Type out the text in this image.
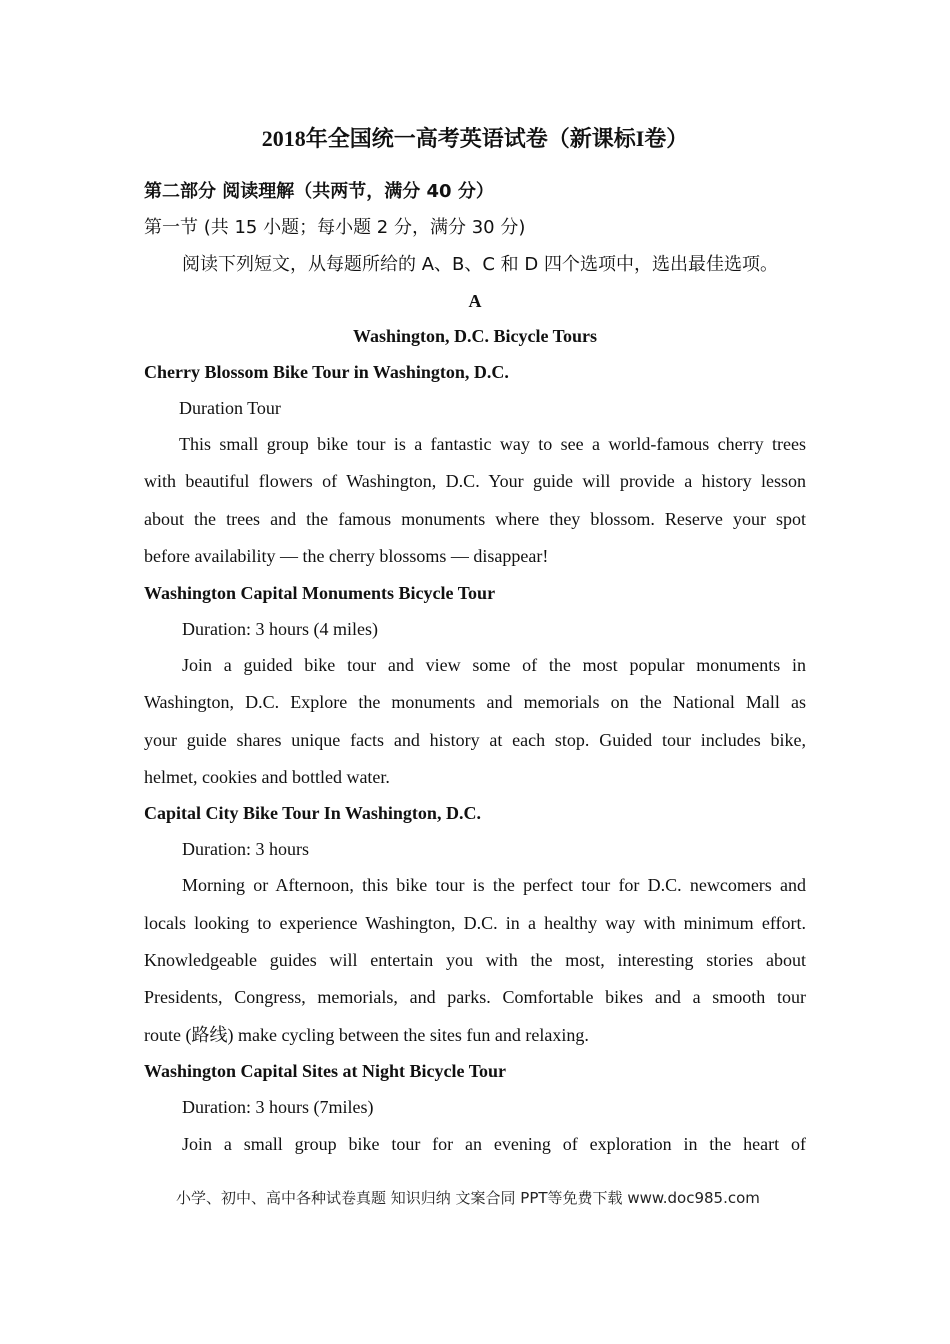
2018年全国统一高考英语试卷（新课标I卷）
第二部分 阅读理解（共两节，满分 40 分）
第一节 (共 15 小题；每小题 2 分，满分 30 分)
阅读下列短文，从每题所给的 A、B、C 和 D 四个选项中，选出最佳选项。
A
Washington, D.C. Bicycle Tours
Cherry Blossom Bike Tour in Washington, D.C.
Duration Tour
This small group bike tour is a fantastic way to see a world-famous cherry trees
with beautiful flowers of Washington, D.C. Your guide will provide a history lesson
about the trees and the famous monuments where they blossom. Reserve your spot
before availability — the cherry blossoms — disappear!
Washington Capital Monuments Bicycle Tour
Duration: 3 hours (4 miles)
Join a guided bike tour and view some of the most popular monuments in
Washington, D.C. Explore the monuments and memorials on the National Mall as
your guide shares unique facts and history at each stop. Guided tour includes bike,
helmet, cookies and bottled water.
Capital City Bike Tour In Washington, D.C.
Duration: 3 hours
Morning or Afternoon, this bike tour is the perfect tour for D.C. newcomers and
locals looking to experience Washington, D.C. in a healthy way with minimum effort.
Knowledgeable guides will entertain you with the most, interesting stories about
Presidents, Congress, memorials, and parks. Comfortable bikes and a smooth tour
route (路线) make cycling between the sites fun and relaxing.
Washington Capital Sites at Night Bicycle Tour
Duration: 3 hours (7miles)
Join a small group bike tour for an evening of exploration in the heart of
小学、初中、高中各种试卷真题 知识归纳 文案合同 PPT等免费下载 www.doc985.com
